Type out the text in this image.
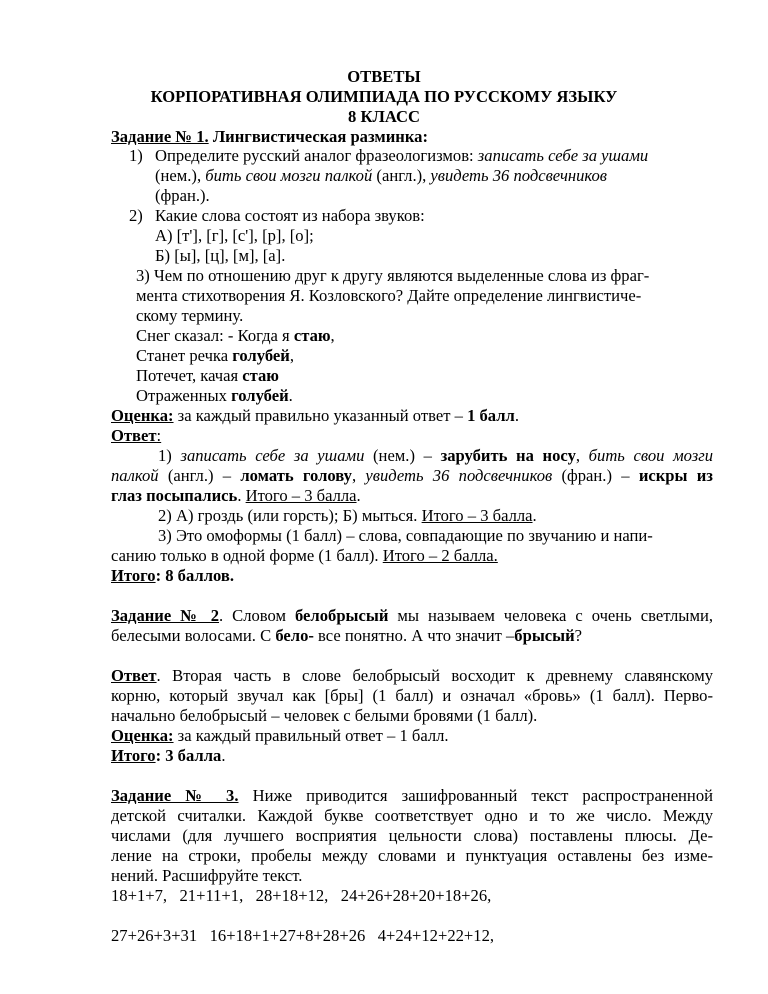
ОТВЕТЫ
КОРПОРАТИВНАЯ ОЛИМПИАДА ПО РУССКОМУ ЯЗЫКУ
8 КЛАСС
Задание № 1. Лингвистическая разминка:
1) Определите русский аналог фразеологизмов: записать себе за ушами
(нем.), бить свои мозги палкой (англ.), увидеть 36 подсвечников
(фран.).
2) Какие слова состоят из набора звуков:
А) [т'], [г], [с'], [р], [о];
Б) [ы], [ц], [м], [а].
3) Чем по отношению друг к другу являются выделенные слова из фраг-
мента стихотворения Я. Козловского? Дайте определение лингвистиче-
скому термину.
Снег сказал: - Когда я стаю,
Станет речка голубей,
Потечет, качая стаю
Отраженных голубей.
Оценка: за каждый правильно указанный ответ – 1 балл.
Ответ:
1) записать себе за ушами (нем.) – зарубить на носу, бить свои мозги
палкой (англ.) – ломать голову, увидеть 36 подсвечников (фран.) – искры из
глаз посыпались. Итого – 3 балла.
2) А) гроздь (или горсть); Б) мыться. Итого – 3 балла.
3) Это омоформы (1 балл) – слова, совпадающие по звучанию и напи-
санию только в одной форме (1 балл). Итого – 2 балла.
Итого: 8 баллов.
Задание № 2. Словом белобрысый мы называем человека с очень светлыми,
белесыми волосами. С бело- все понятно. А что значит –брысый?
Ответ. Вторая часть в слове белобрысый восходит к древнему славянскому
корню, который звучал как [бры] (1 балл) и означал «бровь» (1 балл). Перво-
начально белобрысый – человек с белыми бровями (1 балл).
Оценка: за каждый правильный ответ – 1 балл.
Итого: 3 балла.
Задание № 3. Ниже приводится зашифрованный текст распространенной
детской считалки. Каждой букве соответствует одно и то же число. Между
числами (для лучшего восприятия цельности слова) поставлены плюсы. Де-
ление на строки, пробелы между словами и пунктуация оставлены без изме-
нений. Расшифруйте текст.
18+1+7,   21+11+1,   28+18+12,   24+26+28+20+18+26,
27+26+3+31   16+18+1+27+8+28+26   4+24+12+22+12,
